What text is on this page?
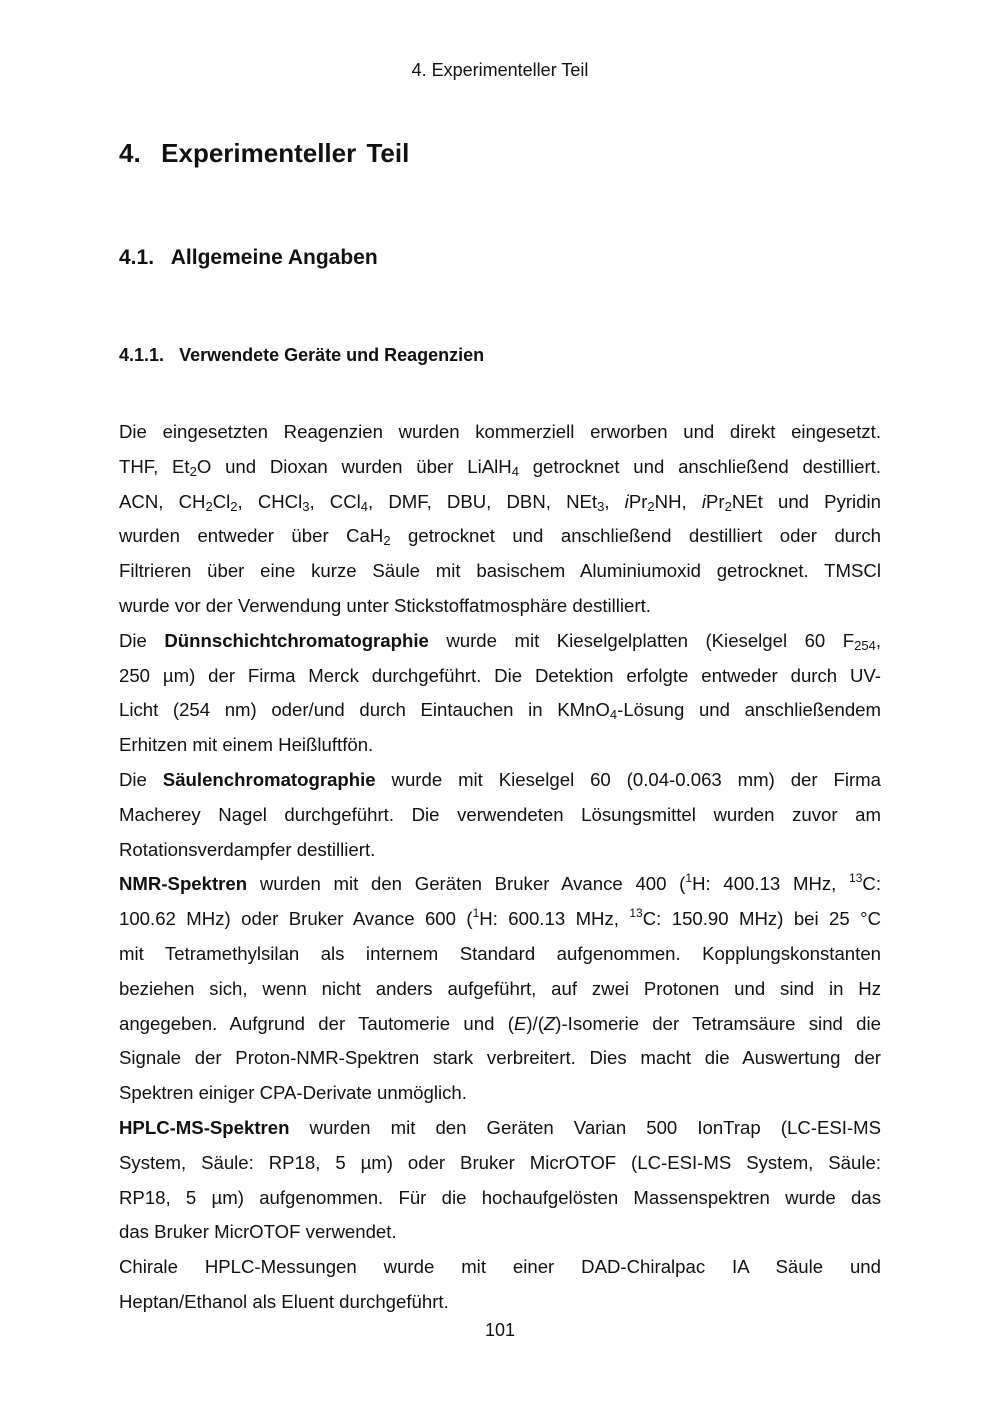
4. Experimenteller Teil
4. Experimenteller Teil
4.1. Allgemeine Angaben
4.1.1. Verwendete Geräte und Reagenzien
Die eingesetzten Reagenzien wurden kommerziell erworben und direkt eingesetzt.
THF, $Et_2O$ und Dioxan wurden über LiAlH$_4$ getrocknet und anschließend destilliert.
ACN, $CH_2Cl_2$, CHCl$_3$, CCl$_4$, DMF, DBU, DBN, NEt$_3$, iPr$_2$NH, iPr$_2$NEt und Pyridin
wurden entweder über CaH$_2$ getrocknet und anschließend destilliert oder durch
Filtrieren über eine kurze Säule mit basischem Aluminiumoxid getrocknet. TMSCl
wurde vor der Verwendung unter Stickstoffatmosphäre destilliert.
Die Dünnschichtchromatographie wurde mit Kieselgelplatten (Kieselgel 60 $F_{254}$,
250 µm) der Firma Merck durchgeführt. Die Detektion erfolgte entweder durch UV-
Licht (254 nm) oder/und durch Eintauchen in KMnO$_4$-Lösung und anschließendem
Erhitzen mit einem Heißluftfön.
Die Säulenchromatographie wurde mit Kieselgel 60 (0.04-0.063 mm) der Firma
Macherey Nagel durchgeführt. Die verwendeten Lösungsmittel wurden zuvor am
Rotationsverdampfer destilliert.
NMR-Spektren wurden mit den Geräten Bruker Avance 400 ($^1$H: 400.13 MHz, $^{13}$C:
100.62 MHz) oder Bruker Avance 600 ($^1$H: 600.13 MHz, $^{13}$C: 150.90 MHz) bei 25 °C
mit Tetramethylsilan als internem Standard aufgenommen. Kopplungskonstanten
beziehen sich, wenn nicht anders aufgeführt, auf zwei Protonen und sind in Hz
angegeben. Aufgrund der Tautomerie und (E)/(Z)-Isomerie der Tetramsäure sind die
Signale der Proton-NMR-Spektren stark verbreitert. Dies macht die Auswertung der
Spektren einiger CPA-Derivate unmöglich.
HPLC-MS-Spektren wurden mit den Geräten Varian 500 IonTrap (LC-ESI-MS
System, Säule: RP18, 5 µm) oder Bruker MicrOTOF (LC-ESI-MS System, Säule:
RP18, 5 µm) aufgenommen. Für die hochaufgelösten Massenspektren wurde das
das Bruker MicrOTOF verwendet.
Chirale HPLC-Messungen wurde mit einer DAD-Chiralpac IA Säule und
Heptan/Ethanol als Eluent durchgeführt.
101
